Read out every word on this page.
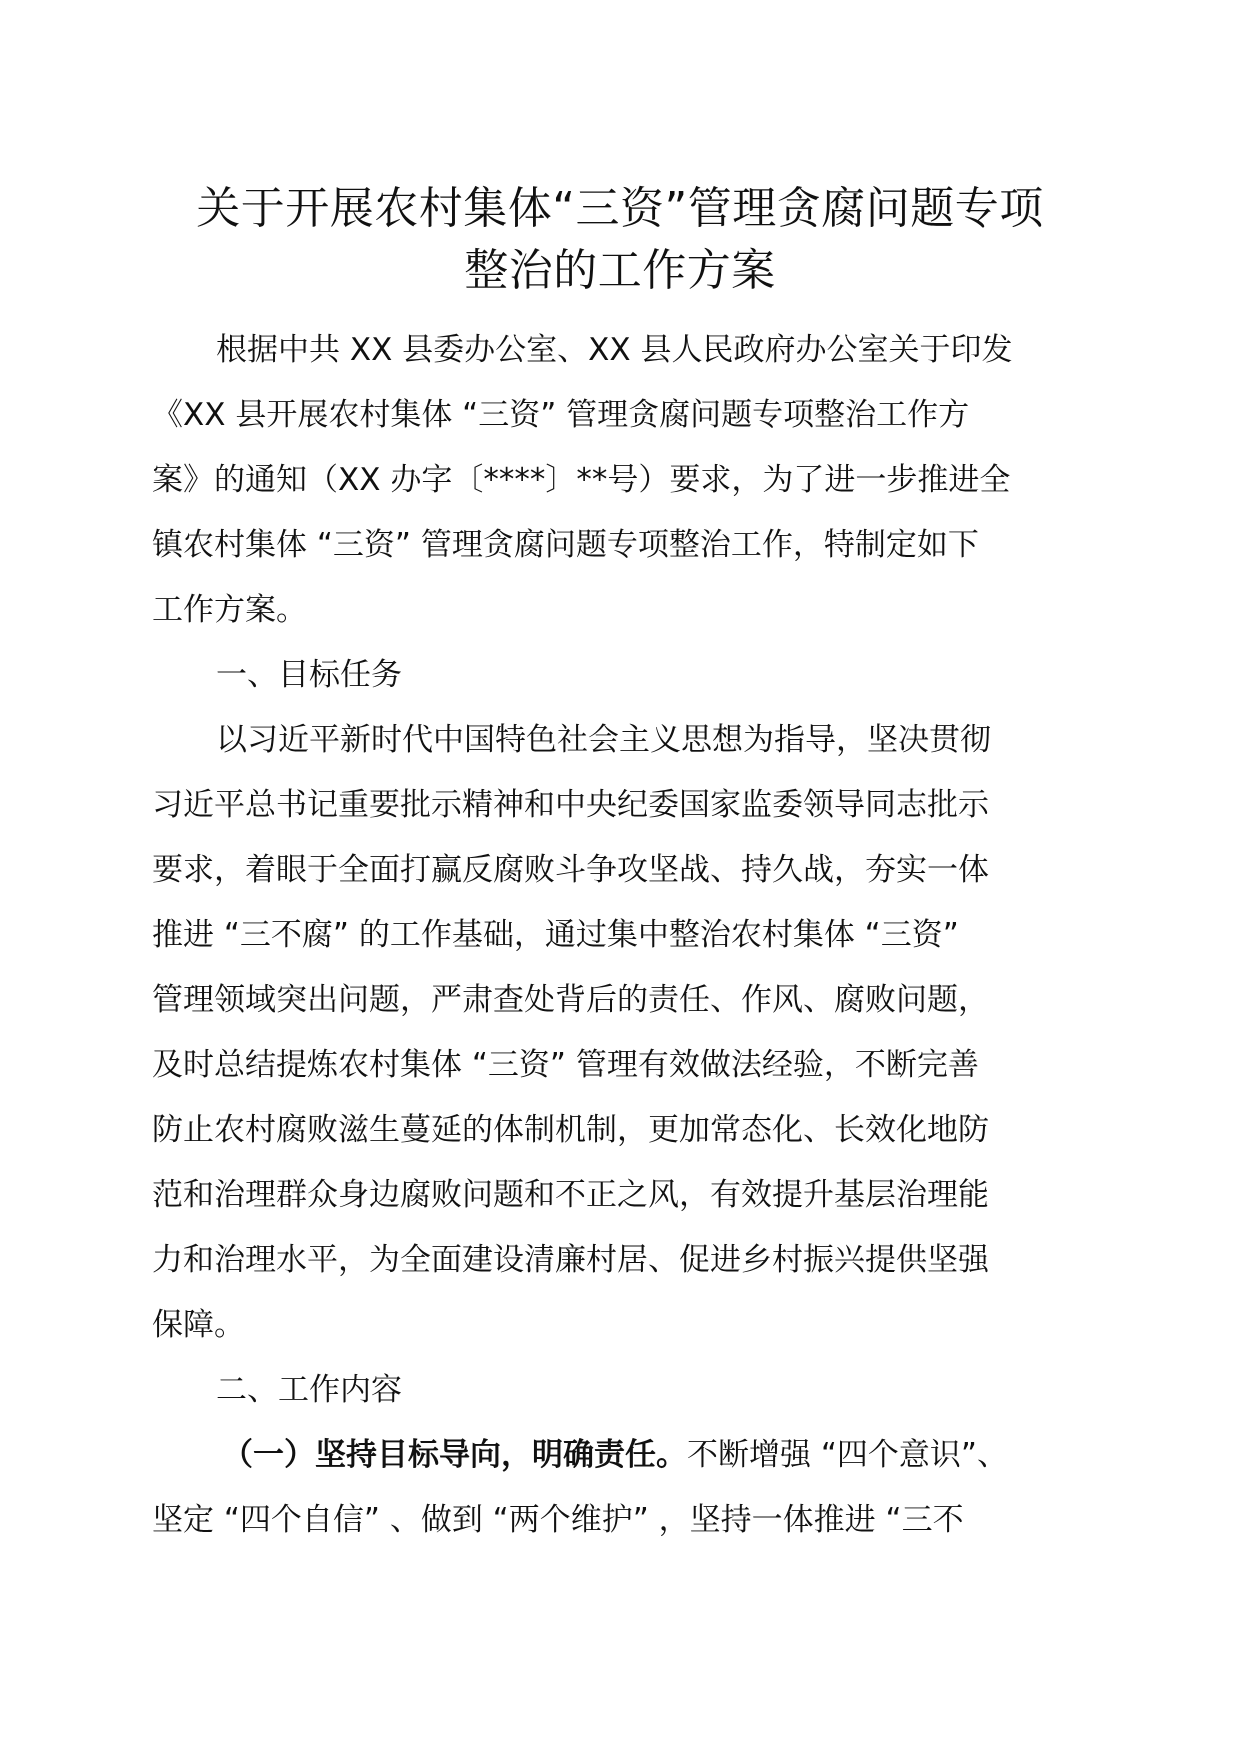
关于开展农村集体“三资”管理贪腐问题专项
整治的工作方案
根据中共 XX 县委办公室、XX 县人民政府办公室关于印发
《XX 县开展农村集体 “三资” 管理贪腐问题专项整治工作方
案》的通知（XX 办字〔****〕**号）要求，为了进一步推进全
镇农村集体 “三资” 管理贪腐问题专项整治工作，特制定如下
工作方案。
一、目标任务
以习近平新时代中国特色社会主义思想为指导，坚决贯彻
习近平总书记重要批示精神和中央纪委国家监委领导同志批示
要求，着眼于全面打赢反腐败斗争攻坚战、持久战，夯实一体
推进 “三不腐” 的工作基础，通过集中整治农村集体 “三资”
管理领域突出问题，严肃查处背后的责任、作风、腐败问题，
及时总结提炼农村集体 “三资” 管理有效做法经验，不断完善
防止农村腐败滋生蔓延的体制机制，更加常态化、长效化地防
范和治理群众身边腐败问题和不正之风，有效提升基层治理能
力和治理水平，为全面建设清廉村居、促进乡村振兴提供坚强
保障。
二、工作内容
（一）坚持目标导向，明确责任。不断增强 “四个意识”、
坚定 “四个自信” 、做到 “两个维护” ，坚持一体推进 “三不
